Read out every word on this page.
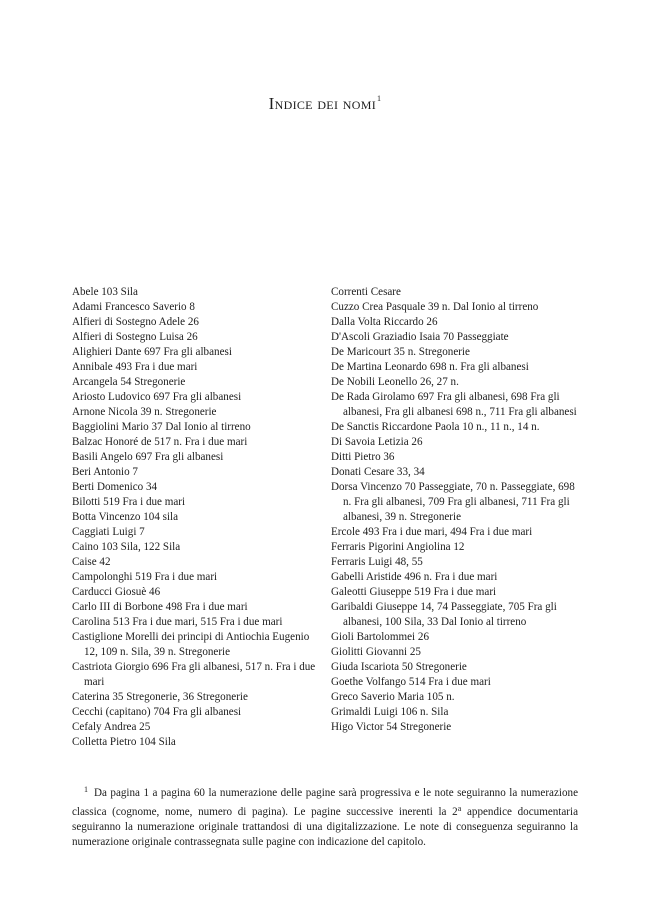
Indice dei nomi$^1$
Abele 103 Sila
Adami Francesco Saverio 8
Alfieri di Sostegno Adele 26
Alfieri di Sostegno Luisa 26
Alighieri Dante 697 Fra gli albanesi
Annibale 493 Fra i due mari
Arcangela 54 Stregonerie
Ariosto Ludovico 697 Fra gli albanesi
Arnone Nicola 39 n. Stregonerie
Baggiolini Mario 37 Dal Ionio al tirreno
Balzac Honoré de 517 n. Fra i due mari
Basili Angelo 697 Fra gli albanesi
Beri Antonio 7
Berti Domenico 34
Bilotti 519 Fra i due mari
Botta Vincenzo 104 sila
Caggiati Luigi 7
Caino 103 Sila, 122 Sila
Caise 42
Campolonghi 519 Fra i due mari
Carducci Giosuè 46
Carlo III di Borbone 498 Fra i due mari
Carolina 513 Fra i due mari, 515 Fra i due mari
Castiglione Morelli dei principi di Antiochia Eugenio 12, 109 n. Sila, 39 n. Stregonerie
Castriota Giorgio 696 Fra gli albanesi, 517 n. Fra i due mari
Caterina 35 Stregonerie, 36 Stregonerie
Cecchi (capitano) 704 Fra gli albanesi
Cefaly Andrea 25
Colletta Pietro 104 Sila
Correnti Cesare
Cuzzo Crea Pasquale 39 n. Dal Ionio al tirreno
Dalla Volta Riccardo 26
D'Ascoli Graziadio Isaia 70 Passeggiate
De Maricourt 35 n. Stregonerie
De Martina Leonardo 698 n. Fra gli albanesi
De Nobili Leonello 26, 27 n.
De Rada Girolamo 697 Fra gli albanesi, 698 Fra gli albanesi, Fra gli albanesi 698 n., 711 Fra gli albanesi
De Sanctis Riccardone Paola 10 n., 11 n., 14 n.
Di Savoia Letizia 26
Ditti Pietro 36
Donati Cesare 33, 34
Dorsa Vincenzo 70 Passeggiate, 70 n. Passeggiate, 698 n. Fra gli albanesi, 709 Fra gli albanesi, 711 Fra gli albanesi, 39 n. Stregonerie
Ercole 493 Fra i due mari, 494 Fra i due mari
Ferraris Pigorini Angiolina 12
Ferraris Luigi 48, 55
Gabelli Aristide 496 n. Fra i due mari
Galeotti Giuseppe 519 Fra i due mari
Garibaldi Giuseppe 14, 74 Passeggiate, 705 Fra gli albanesi, 100 Sila, 33 Dal Ionio al tirreno
Gioli Bartolommei 26
Giolitti Giovanni 25
Giuda Iscariota 50 Stregonerie
Goethe Volfango 514 Fra i due mari
Greco Saverio Maria 105 n.
Grimaldi Luigi 106 n. Sila
Higo Victor 54 Stregonerie
$^1$ Da pagina 1 a pagina 60 la numerazione delle pagine sarà progressiva e le note seguiranno la numerazione classica (cognome, nome, numero di pagina). Le pagine successive inerenti la 2$^a$ appendice documentaria seguiranno la numerazione originale trattandosi di una digitalizzazione. Le note di conseguenza seguiranno la numerazione originale contrassegnata sulle pagine con indicazione del capitolo.
